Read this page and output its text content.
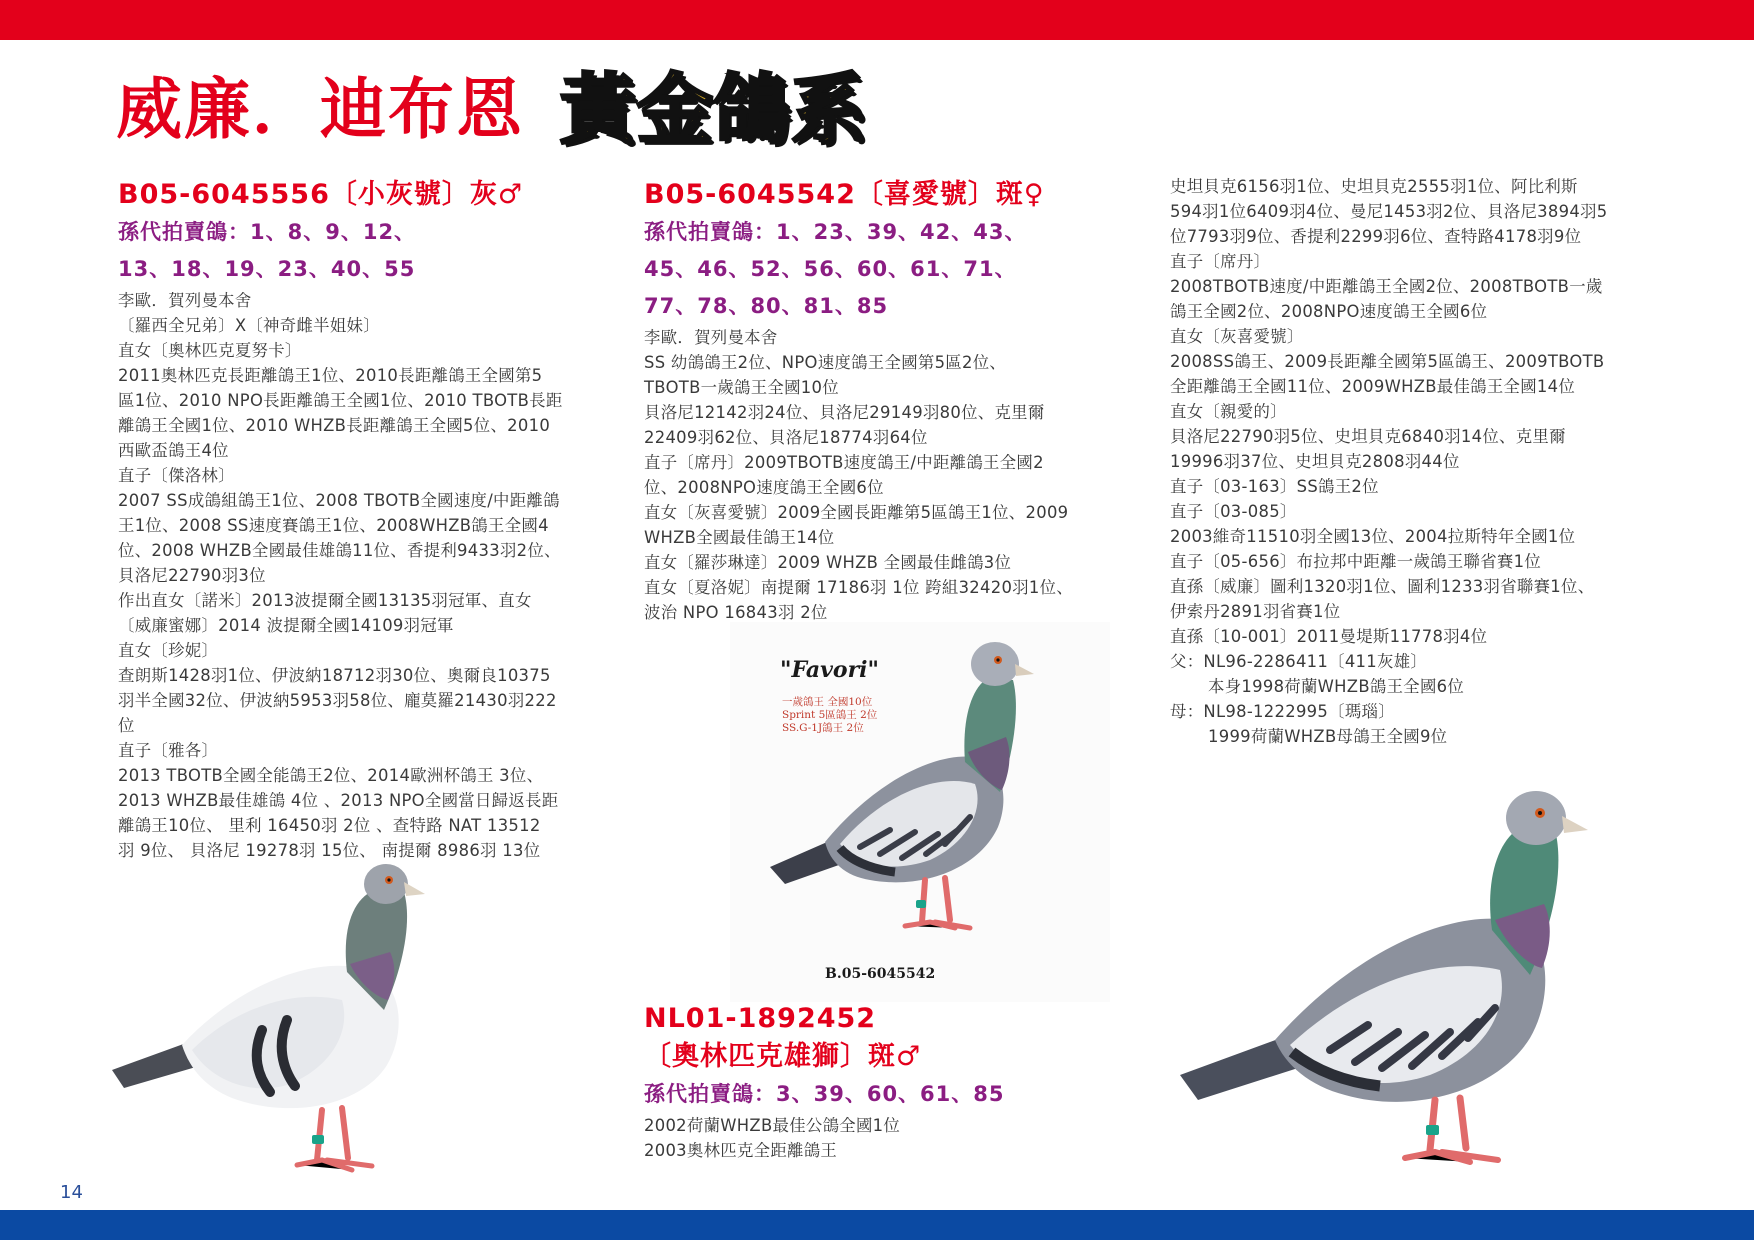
威廉．迪布恩 黃金鴿系
B05-6045556〔小灰號〕灰♂
孫代拍賣鴿：1、8、9、12、
13、18、19、23、40、55

李歐．賀列曼本舍

〔羅西全兄弟〕X〔神奇雌半姐妹〕

直女〔奧林匹克夏努卡〕

2011奧林匹克長距離鴿王1位、2010長距離鴿王全國第5

區1位、2010 NPO長距離鴿王全國1位、2010 TBOTB長距

離鴿王全國1位、2010 WHZB長距離鴿王全國5位、2010

西歐盃鴿王4位

直子〔傑洛林〕

2007 SS成鴿組鴿王1位、2008 TBOTB全國速度/中距離鴿

王1位、2008 SS速度賽鴿王1位、2008WHZB鴿王全國4

位、2008 WHZB全國最佳雄鴿11位、香提利9433羽2位、

貝洛尼22790羽3位

作出直女〔諾米〕2013波提爾全國13135羽冠軍、直女

〔威廉蜜娜〕2014 波提爾全國14109羽冠軍

直女〔珍妮〕

查朗斯1428羽1位、伊波納18712羽30位、奧爾良10375

羽半全國32位、伊波納5953羽58位、龐莫羅21430羽222

位

直子〔雅各〕

2013 TBOTB全國全能鴿王2位、2014歐洲杯鴿王 3位、

2013 WHZB最佳雄鴿 4位 、2013 NPO全國當日歸返長距

離鴿王10位、 里利 16450羽 2位 、查特路 NAT 13512

羽 9位、 貝洛尼 19278羽 15位、 南提爾 8986羽 13位

B05-6045542〔喜愛號〕斑♀
孫代拍賣鴿：1、23、39、42、43、
45、46、52、56、60、61、71、
77、78、80、81、85

李歐．賀列曼本舍

SS 幼鴿鴿王2位、NPO速度鴿王全國第5區2位、

TBOTB一歲鴿王全國10位

貝洛尼12142羽24位、貝洛尼29149羽80位、克里爾

22409羽62位、貝洛尼18774羽64位

直子〔席丹〕2009TBOTB速度鴿王/中距離鴿王全國2

位、2008NPO速度鴿王全國6位

直女〔灰喜愛號〕2009全國長距離第5區鴿王1位、2009

WHZB全國最佳鴿王14位

直女〔羅莎琳達〕2009 WHZB 全國最佳雌鴿3位

直女〔夏洛妮〕南提爾 17186羽 1位 跨組32420羽1位、

波治 NPO 16843羽 2位

"Favori"
一歲鴿王 全國10位
Sprint 5區鴿王 2位
SS.G-1J鴿王 2位
B.05-6045542
NL01-1892452
〔奧林匹克雄獅〕斑♂
孫代拍賣鴿：3、39、60、61、85

2002荷蘭WHZB最佳公鴿全國1位

2003奧林匹克全距離鴿王

史坦貝克6156羽1位、史坦貝克2555羽1位、阿比利斯

594羽1位6409羽4位、曼尼1453羽2位、貝洛尼3894羽5

位7793羽9位、香提利2299羽6位、查特路4178羽9位

直子〔席丹〕

2008TBOTB速度/中距離鴿王全國2位、2008TBOTB一歲

鴿王全國2位、2008NPO速度鴿王全國6位

直女〔灰喜愛號〕

2008SS鴿王、2009長距離全國第5區鴿王、2009TBOTB

全距離鴿王全國11位、2009WHZB最佳鴿王全國14位

直女〔親愛的〕

貝洛尼22790羽5位、史坦貝克6840羽14位、克里爾

19996羽37位、史坦貝克2808羽44位

直子〔03-163〕SS鴿王2位

直子〔03-085〕

2003維奇11510羽全國13位、2004拉斯特年全國1位

直子〔05-656〕布拉邦中距離一歲鴿王聯省賽1位

直孫〔威廉〕圖利1320羽1位、圖利1233羽省聯賽1位、

伊索丹2891羽省賽1位

直孫〔10-001〕2011曼堤斯11778羽4位

父：NL96-2286411〔411灰雄〕

本身1998荷蘭WHZB鴿王全國6位

母：NL98-1222995〔瑪瑙〕

1999荷蘭WHZB母鴿王全國9位

14
